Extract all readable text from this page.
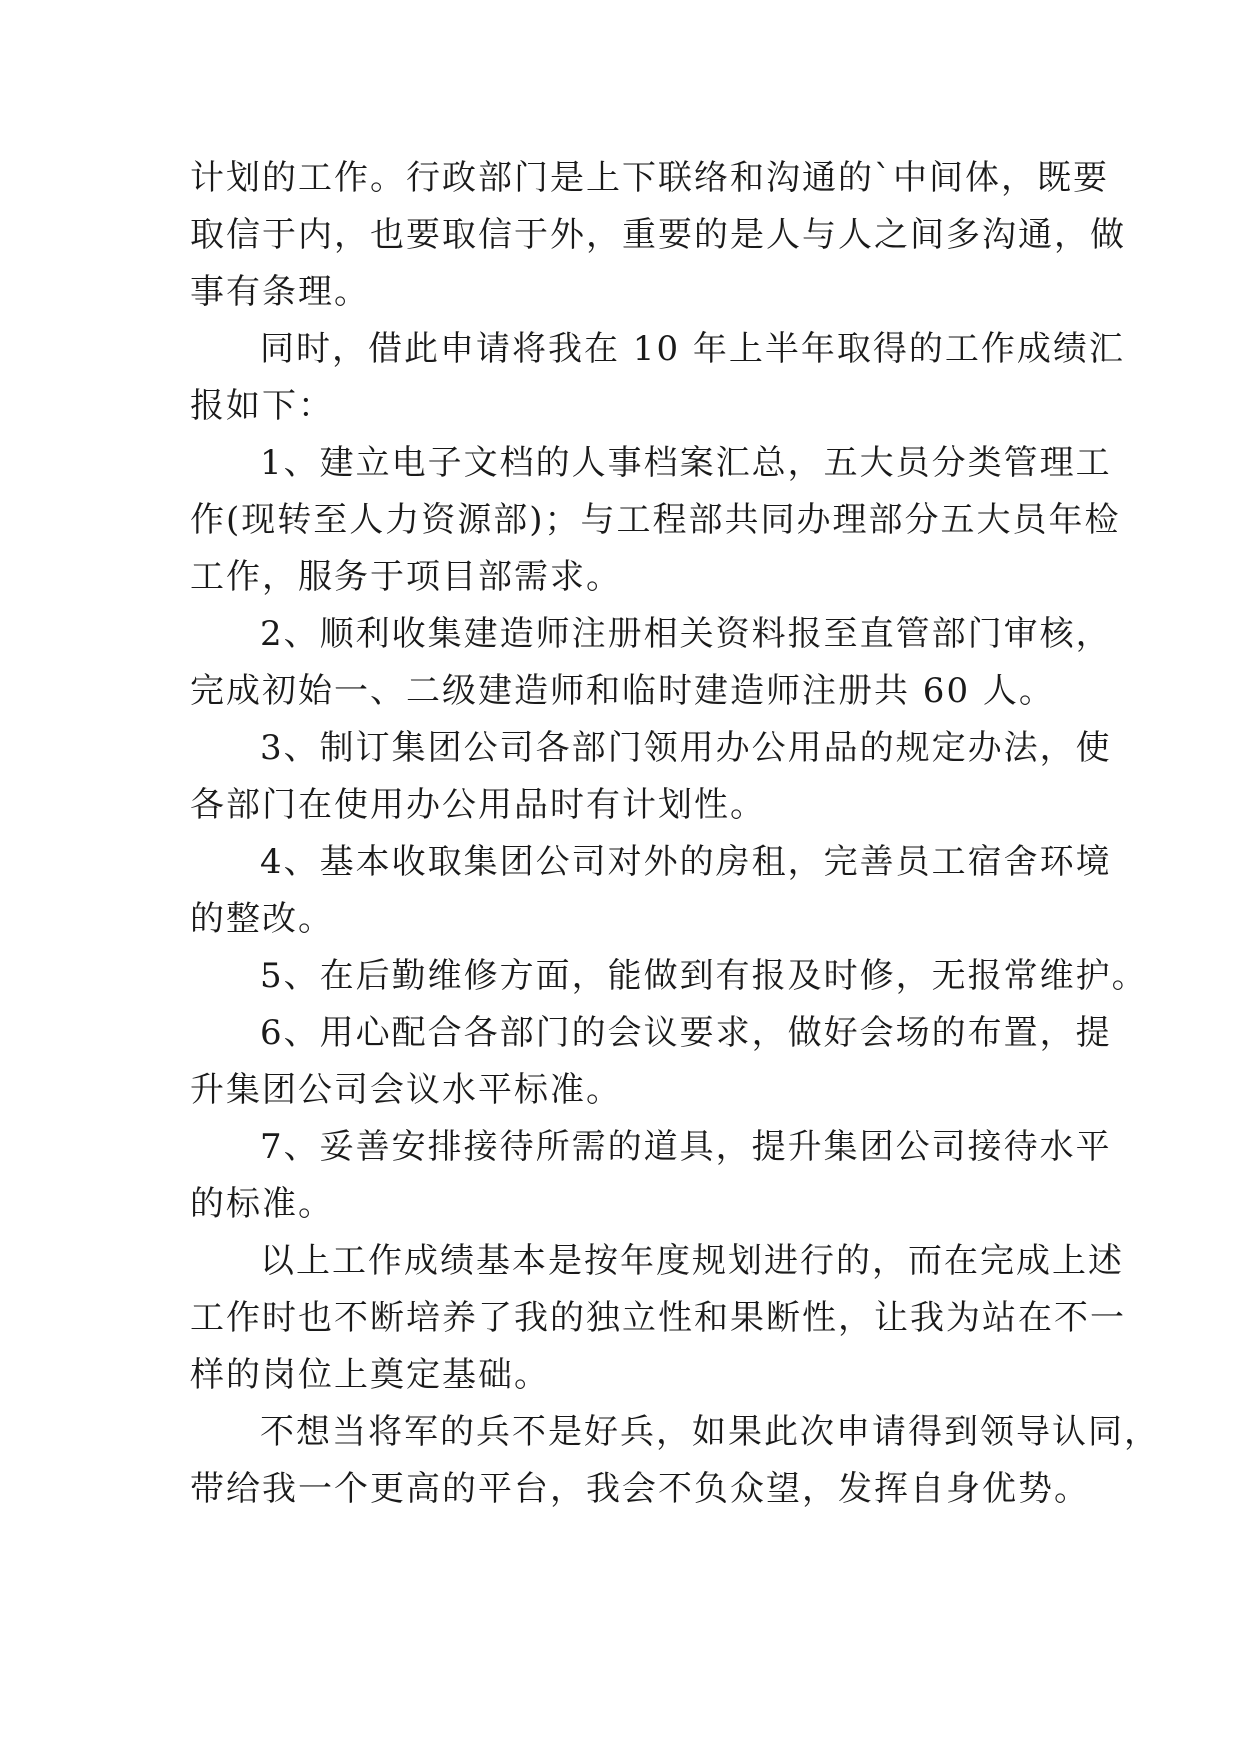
计划的工作。行政部门是上下联络和沟通的`中间体，既要
取信于内，也要取信于外，重要的是人与人之间多沟通，做
事有条理。
同时，借此申请将我在 10 年上半年取得的工作成绩汇
报如下：
1、建立电子文档的人事档案汇总，五大员分类管理工
作(现转至人力资源部)；与工程部共同办理部分五大员年检
工作，服务于项目部需求。
2、顺利收集建造师注册相关资料报至直管部门审核，
完成初始一、二级建造师和临时建造师注册共 60 人。
3、制订集团公司各部门领用办公用品的规定办法，使
各部门在使用办公用品时有计划性。
4、基本收取集团公司对外的房租，完善员工宿舍环境
的整改。
5、在后勤维修方面，能做到有报及时修，无报常维护。
6、用心配合各部门的会议要求，做好会场的布置，提
升集团公司会议水平标准。
7、妥善安排接待所需的道具，提升集团公司接待水平
的标准。
以上工作成绩基本是按年度规划进行的，而在完成上述
工作时也不断培养了我的独立性和果断性，让我为站在不一
样的岗位上奠定基础。
不想当将军的兵不是好兵，如果此次申请得到领导认同，
带给我一个更高的平台，我会不负众望，发挥自身优势。
